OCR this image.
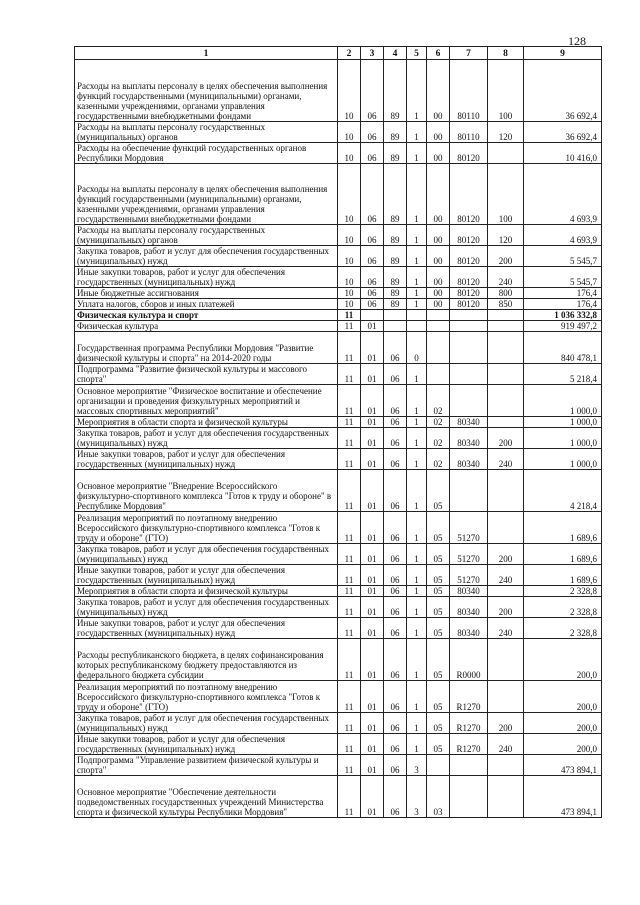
128
1	2	3	4	5	6	7	8	9
Расходы на выплаты персоналу в целях обеспечения выполнения функций государственными (муниципальными) органами, казенными учреждениями, органами управления государственными внебюджетными фондами	10	06	89	1	00	80110	100	36 692,4
Расходы на выплаты персоналу государственных (муниципальных) органов	10	06	89	1	00	80110	120	36 692,4
Расходы на обеспечение функций государственных органов Республики Мордовия	10	06	89	1	00	80120		10 416,0
Расходы на выплаты персоналу в целях обеспечения выполнения функций государственными (муниципальными) органами, казенными учреждениями, органами управления государственными внебюджетными фондами	10	06	89	1	00	80120	100	4 693,9
Расходы на выплаты персоналу государственных (муниципальных) органов	10	06	89	1	00	80120	120	4 693,9
Закупка товаров, работ и услуг для обеспечения государственных (муниципальных) нужд	10	06	89	1	00	80120	200	5 545,7
Иные закупки товаров, работ и услуг для обеспечения государственных (муниципальных) нужд	10	06	89	1	00	80120	240	5 545,7
Иные бюджетные ассигнования	10	06	89	1	00	80120	800	176,4
Уплата налогов, сборов и иных платежей	10	06	89	1	00	80120	850	176,4
Физическая культура и спорт	11							1 036 332,8
Физическая культура	11	01						919 497,2
Государственная программа Республики Мордовия "Развитие физической культуры и спорта" на 2014-2020 годы	11	01	06	0				840 478,1
Подпрограмма "Развитие физической культуры и массового спорта"	11	01	06	1				5 218,4
Основное мероприятие "Физическое воспитание и обеспечение организации и проведения физкультурных мероприятий и массовых спортивных мероприятий"	11	01	06	1	02			1 000,0
Мероприятия в области спорта и физической культуры	11	01	06	1	02	80340		1 000,0
Закупка товаров, работ и услуг для обеспечения государственных (муниципальных) нужд	11	01	06	1	02	80340	200	1 000,0
Иные закупки товаров, работ и услуг для обеспечения государственных (муниципальных) нужд	11	01	06	1	02	80340	240	1 000,0
Основное мероприятие "Внедрение Всероссийского физкультурно-спортивного комплекса "Готов к труду и обороне" в Республике Мордовия"	11	01	06	1	05			4 218,4
Реализация мероприятий по поэтапному внедрению Всероссийского физкультурно-спортивного комплекса "Готов к труду и обороне" (ГТО)	11	01	06	1	05	51270		1 689,6
Закупка товаров, работ и услуг для обеспечения государственных (муниципальных) нужд	11	01	06	1	05	51270	200	1 689,6
Иные закупки товаров, работ и услуг для обеспечения государственных (муниципальных) нужд	11	01	06	1	05	51270	240	1 689,6
Мероприятия в области спорта и физической культуры	11	01	06	1	05	80340		2 328,8
Закупка товаров, работ и услуг для обеспечения государственных (муниципальных) нужд	11	01	06	1	05	80340	200	2 328,8
Иные закупки товаров, работ и услуг для обеспечения государственных (муниципальных) нужд	11	01	06	1	05	80340	240	2 328,8
Расходы республиканского бюджета, в целях софинансирования которых республиканскому бюджету предоставляются из федерального бюджета субсидии	11	01	06	1	05	R0000		200,0
Реализация мероприятий по поэтапному внедрению Всероссийского физкультурно-спортивного комплекса "Готов к труду и обороне" (ГТО)	11	01	06	1	05	R1270		200,0
Закупка товаров, работ и услуг для обеспечения государственных (муниципальных) нужд	11	01	06	1	05	R1270	200	200,0
Иные закупки товаров, работ и услуг для обеспечения государственных (муниципальных) нужд	11	01	06	1	05	R1270	240	200,0
Подпрограмма "Управление развитием физической культуры и спорта"	11	01	06	3				473 894,1
Основное мероприятие "Обеспечение деятельности подведомственных государственных учреждений Министерства спорта и физической культуры Республики Мордовия"	11	01	06	3	03			473 894,1
